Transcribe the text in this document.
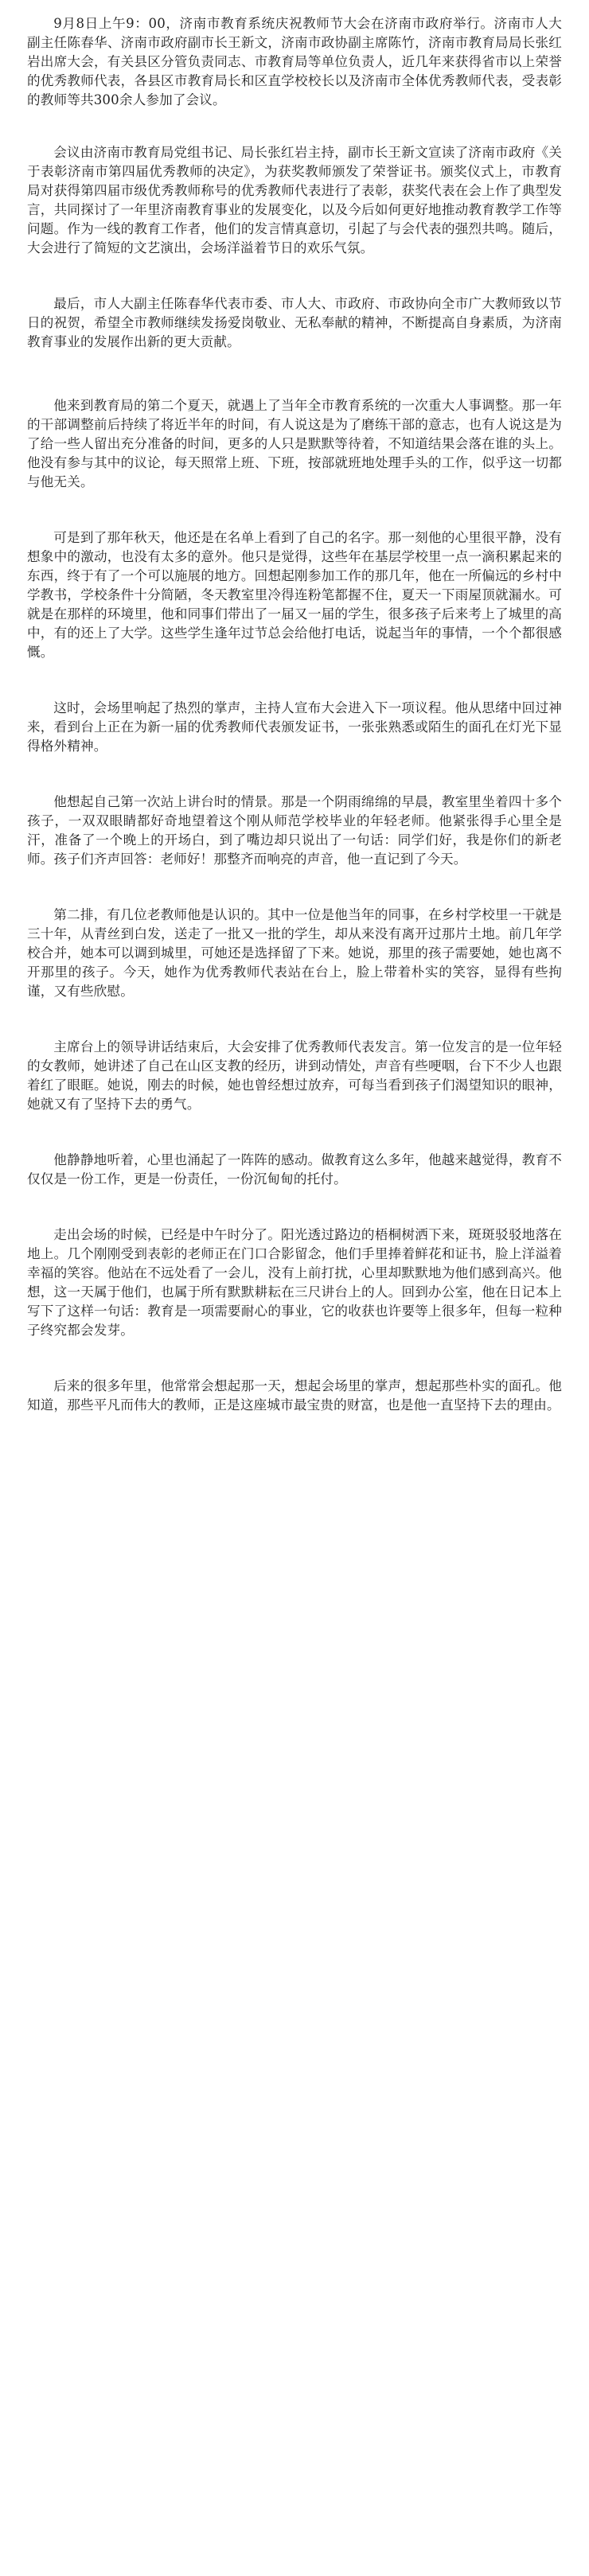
9月8日上午9：00，济南市教育系统庆祝教师节大会在济南市政府举行。济南市人大副主任陈春华、济南市政府副市长王新文，济南市政协副主席陈竹，济南市教育局局长张红岩出席大会，有关县区分管负责同志、市教育局等单位负责人，近几年来获得省市以上荣誉的优秀教师代表，各县区市教育局长和区直学校校长以及济南市全体优秀教师代表，受表彰的教师等共300余人参加了会议。

会议由济南市教育局党组书记、局长张红岩主持，副市长王新文宣读了济南市政府《关于表彰济南市第四届优秀教师的决定》，为获奖教师颁发了荣誉证书。颁奖仪式上，市教育局对获得第四届市级优秀教师称号的优秀教师代表进行了表彰，获奖代表在会上作了典型发言，共同探讨了一年里济南教育事业的发展变化，以及今后如何更好地推动教育教学工作等问题。作为一线的教育工作者，他们的发言情真意切，引起了与会代表的强烈共鸣。随后，大会进行了简短的文艺演出，会场洋溢着节日的欢乐气氛。

最后，市人大副主任陈春华代表市委、市人大、市政府、市政协向全市广大教师致以节日的祝贺，希望全市教师继续发扬爱岗敬业、无私奉献的精神，不断提高自身素质，为济南教育事业的发展作出新的更大贡献。

他来到教育局的第二个夏天，就遇上了当年全市教育系统的一次重大人事调整。那一年的干部调整前后持续了将近半年的时间，有人说这是为了磨练干部的意志，也有人说这是为了给一些人留出充分准备的时间，更多的人只是默默等待着，不知道结果会落在谁的头上。他没有参与其中的议论，每天照常上班、下班，按部就班地处理手头的工作，似乎这一切都与他无关。

可是到了那年秋天，他还是在名单上看到了自己的名字。那一刻他的心里很平静，没有想象中的激动，也没有太多的意外。他只是觉得，这些年在基层学校里一点一滴积累起来的东西，终于有了一个可以施展的地方。回想起刚参加工作的那几年，他在一所偏远的乡村中学教书，学校条件十分简陋，冬天教室里冷得连粉笔都握不住，夏天一下雨屋顶就漏水。可就是在那样的环境里，他和同事们带出了一届又一届的学生，很多孩子后来考上了城里的高中，有的还上了大学。这些学生逢年过节总会给他打电话，说起当年的事情，一个个都很感慨。

这时，会场里响起了热烈的掌声，主持人宣布大会进入下一项议程。他从思绪中回过神来，看到台上正在为新一届的优秀教师代表颁发证书，一张张熟悉或陌生的面孔在灯光下显得格外精神。

他想起自己第一次站上讲台时的情景。那是一个阴雨绵绵的早晨，教室里坐着四十多个孩子，一双双眼睛都好奇地望着这个刚从师范学校毕业的年轻老师。他紧张得手心里全是汗，准备了一个晚上的开场白，到了嘴边却只说出了一句话：同学们好，我是你们的新老师。孩子们齐声回答：老师好！那整齐而响亮的声音，他一直记到了今天。

第二排，有几位老教师他是认识的。其中一位是他当年的同事，在乡村学校里一干就是三十年，从青丝到白发，送走了一批又一批的学生，却从来没有离开过那片土地。前几年学校合并，她本可以调到城里，可她还是选择留了下来。她说，那里的孩子需要她，她也离不开那里的孩子。今天，她作为优秀教师代表站在台上，脸上带着朴实的笑容，显得有些拘谨，又有些欣慰。

主席台上的领导讲话结束后，大会安排了优秀教师代表发言。第一位发言的是一位年轻的女教师，她讲述了自己在山区支教的经历，讲到动情处，声音有些哽咽，台下不少人也跟着红了眼眶。她说，刚去的时候，她也曾经想过放弃，可每当看到孩子们渴望知识的眼神，她就又有了坚持下去的勇气。

他静静地听着，心里也涌起了一阵阵的感动。做教育这么多年，他越来越觉得，教育不仅仅是一份工作，更是一份责任，一份沉甸甸的托付。

走出会场的时候，已经是中午时分了。阳光透过路边的梧桐树洒下来，斑斑驳驳地落在地上。几个刚刚受到表彰的老师正在门口合影留念，他们手里捧着鲜花和证书，脸上洋溢着幸福的笑容。他站在不远处看了一会儿，没有上前打扰，心里却默默地为他们感到高兴。他想，这一天属于他们，也属于所有默默耕耘在三尺讲台上的人。回到办公室，他在日记本上写下了这样一句话：教育是一项需要耐心的事业，它的收获也许要等上很多年，但每一粒种子终究都会发芽。

后来的很多年里，他常常会想起那一天，想起会场里的掌声，想起那些朴实的面孔。他知道，那些平凡而伟大的教师，正是这座城市最宝贵的财富，也是他一直坚持下去的理由。
